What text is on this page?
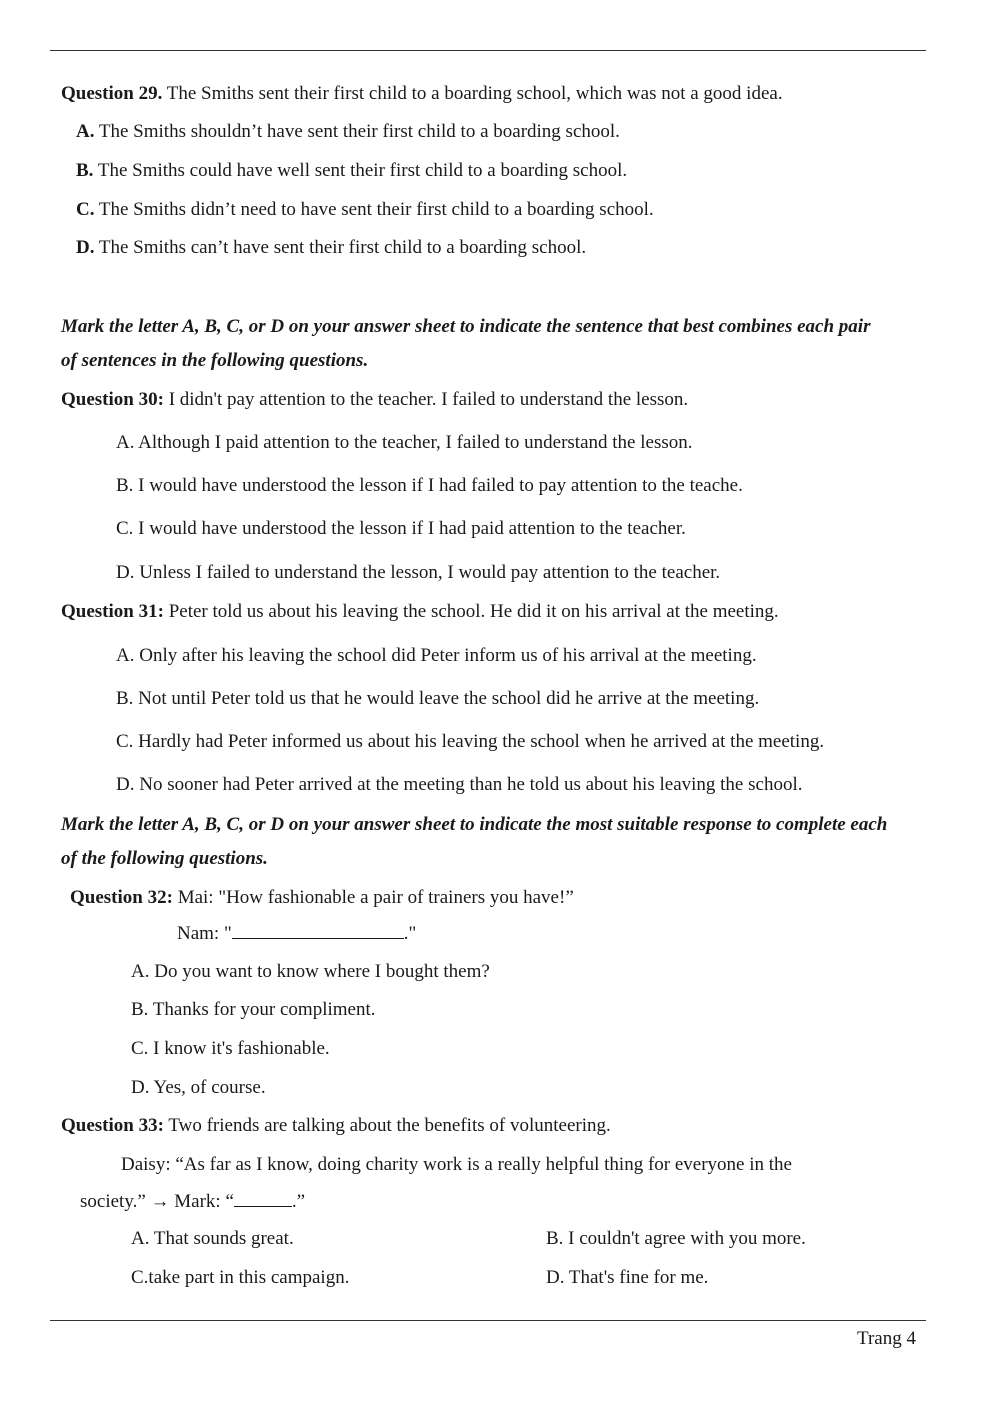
Question 29. The Smiths sent their first child to a boarding school, which was not a good idea.
A. The Smiths shouldn’t have sent their first child to a boarding school.
B. The Smiths could have well sent their first child to a boarding school.
C. The Smiths didn’t need to have sent their first child to a boarding school.
D. The Smiths can’t have sent their first child to a boarding school.
Mark the letter A, B, C, or D on your answer sheet to indicate the sentence that best combines each pair
of sentences in the following questions.
Question 30: I didn't pay attention to the teacher. I failed to understand the lesson.
A. Although I paid attention to the teacher, I failed to understand the lesson.
B. I would have understood the lesson if I had failed to pay attention to the teache.
C. I would have understood the lesson if I had paid attention to the teacher.
D. Unless I failed to understand the lesson, I would pay attention to the teacher.
Question 31: Peter told us about his leaving the school. He did it on his arrival at the meeting.
A. Only after his leaving the school did Peter inform us of his arrival at the meeting.
B. Not until Peter told us that he would leave the school did he arrive at the meeting.
C. Hardly had Peter informed us about his leaving the school when he arrived at the meeting.
D. No sooner had Peter arrived at the meeting than he told us about his leaving the school.
Mark the letter A, B, C, or D on your answer sheet to indicate the most suitable response to complete each
of the following questions.
Question 32: Mai: "How fashionable a pair of trainers you have!”
Nam: "	."
A. Do you want to know where I bought them?
B. Thanks for your compliment.
C. I know it's fashionable.
D. Yes, of course.
Question 33: Two friends are talking about the benefits of volunteering.
Daisy: “As far as I know, doing charity work is a really helpful thing for everyone in the
society.” → Mark: “	.”
A. That sounds great.	B. I couldn't agree with you more.
C.take part in this campaign.	D. That's fine for me.
Trang 4
